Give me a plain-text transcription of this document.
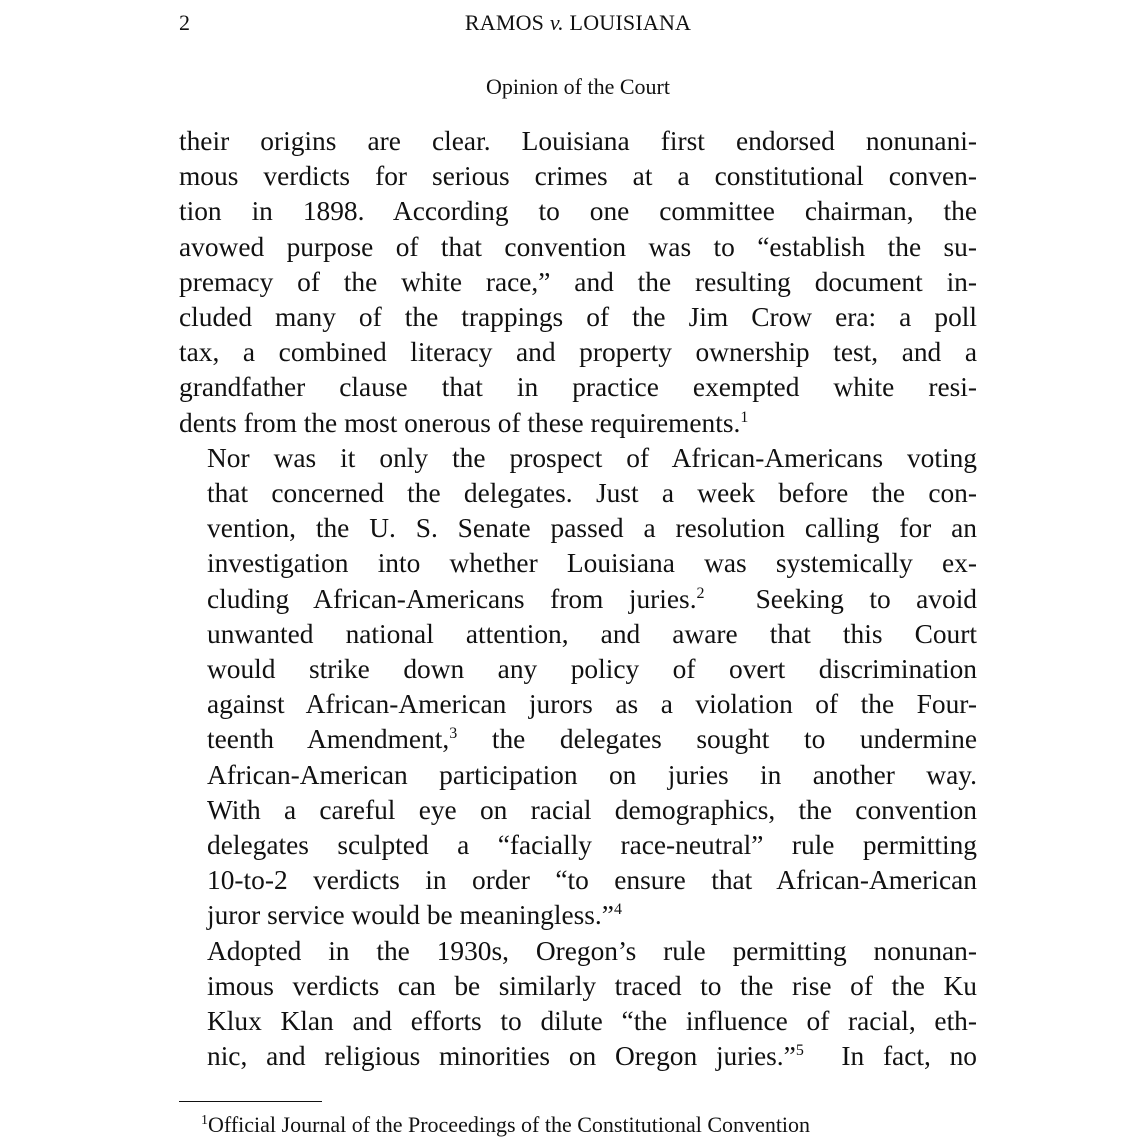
2	RAMOS v. LOUISIANA
Opinion of the Court

their origins are clear. Louisiana first endorsed nonunani-
mous verdicts for serious crimes at a constitutional conven-
tion in 1898. According to one committee chairman, the
avowed purpose of that convention was to “establish the su-
premacy of the white race,” and the resulting document in-
cluded many of the trappings of the Jim Crow era: a poll
tax, a combined literacy and property ownership test, and a
grandfather clause that in practice exempted white resi-
dents from the most onerous of these requirements.$^1$

Nor was it only the prospect of African-Americans voting
that concerned the delegates. Just a week before the con-
vention, the U. S. Senate passed a resolution calling for an
investigation into whether Louisiana was systemically ex-
cluding African-Americans from juries.$^2$  Seeking to avoid
unwanted national attention, and aware that this Court
would strike down any policy of overt discrimination
against African-American jurors as a violation of the Four-
teenth Amendment,$^3$ the delegates sought to undermine
African-American participation on juries in another way.
With a careful eye on racial demographics, the convention
delegates sculpted a “facially race-neutral” rule permitting
10-to-2 verdicts in order “to ensure that African-American
juror service would be meaningless.”$^4$

Adopted in the 1930s, Oregon’s rule permitting nonunan-
imous verdicts can be similarly traced to the rise of the Ku
Klux Klan and efforts to dilute “the influence of racial, eth-
nic, and religious minorities on Oregon juries.”$^5$  In fact, no

$^1$Official Journal of the Proceedings of the Constitutional Convention
